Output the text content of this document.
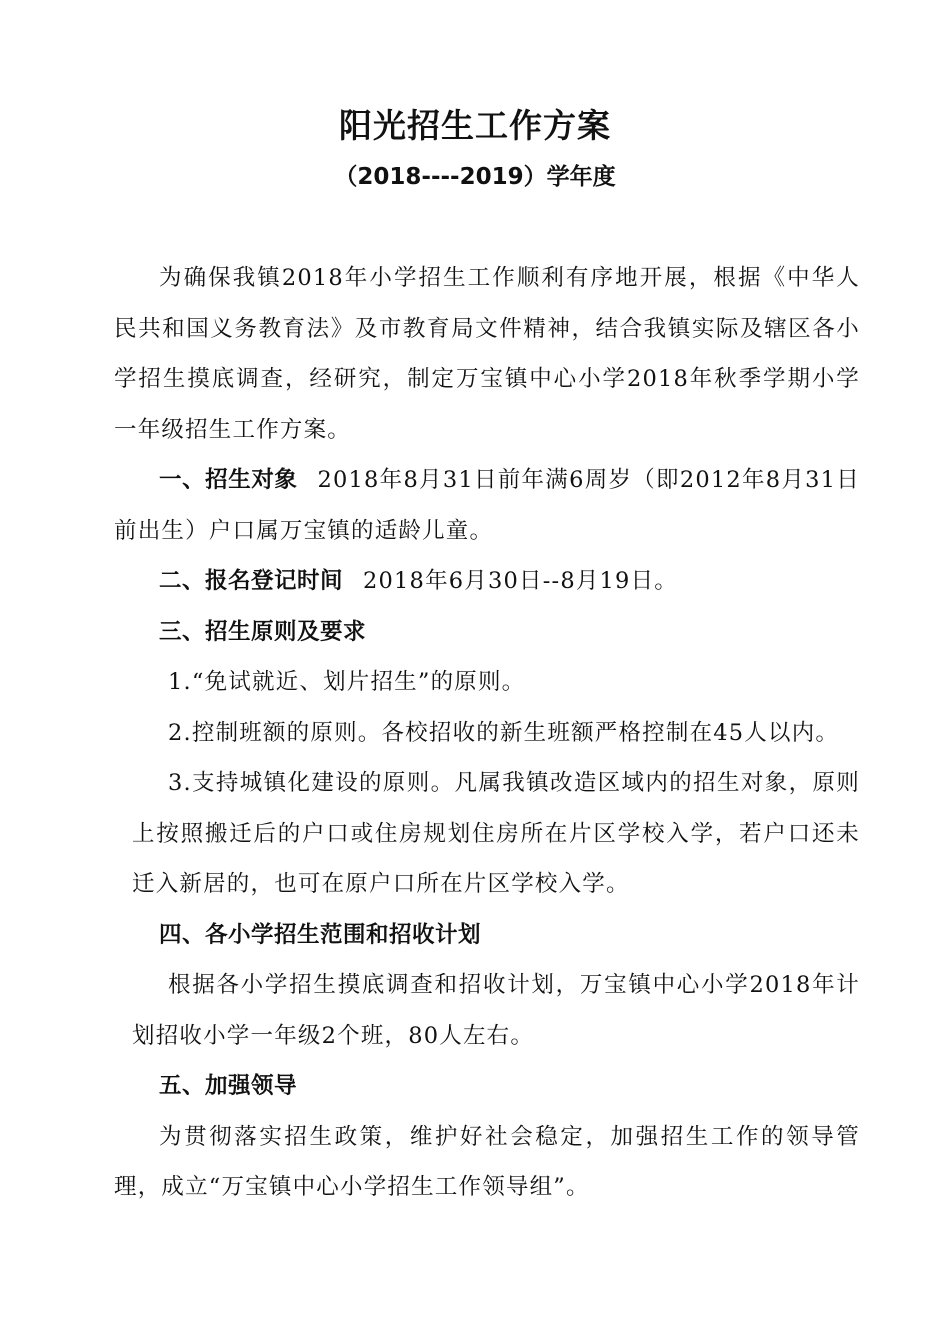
阳光招生工作方案
（2018----2019）学年度

为确保我镇2018年小学招生工作顺利有序地开展，根据《中华人民共和国义务教育法》及市教育局文件精神，结合我镇实际及辖区各小学招生摸底调查，经研究，制定万宝镇中心小学2018年秋季学期小学一年级招生工作方案。

一、招生对象 2018年8月31日前年满6周岁（即2012年8月31日前出生）户口属万宝镇的适龄儿童。

二、报名登记时间 2018年6月30日--8月19日。

三、招生原则及要求

1.“免试就近、划片招生”的原则。

2.控制班额的原则。各校招收的新生班额严格控制在45人以内。

3.支持城镇化建设的原则。凡属我镇改造区域内的招生对象，原则上按照搬迁后的户口或住房规划住房所在片区学校入学，若户口还未迁入新居的，也可在原户口所在片区学校入学。

四、各小学招生范围和招收计划

根据各小学招生摸底调查和招收计划，万宝镇中心小学2018年计划招收小学一年级2个班，80人左右。

五、加强领导

为贯彻落实招生政策，维护好社会稳定，加强招生工作的领导管理，成立“万宝镇中心小学招生工作领导组”。
